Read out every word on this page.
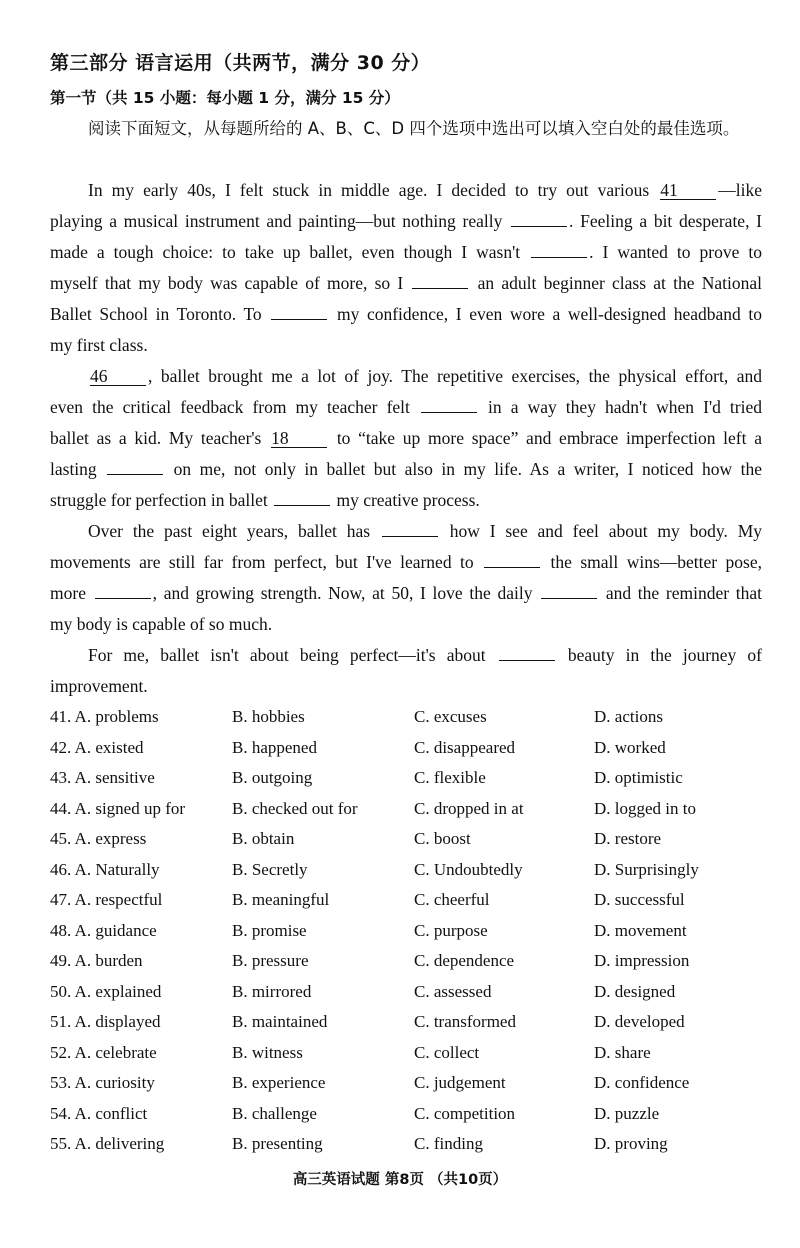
第三部分 语言运用（共两节，满分 30 分）
第一节（共 15 小题：每小题 1 分，满分 15 分）
阅读下面短文，从每题所给的 A、B、C、D 四个选项中选出可以填入空白处的最佳选项。
In my early 40s, I felt stuck in middle age. I decided to try out various 41 —like
playing a musical instrument and painting—but nothing really	. Feeling a bit desperate, I
made a tough choice: to take up ballet, even though I wasn't	. I wanted to prove to
myself that my body was capable of more, so I	an adult beginner class at the National
Ballet School in Toronto. To	my confidence, I even wore a well-designed headband to
my first class.
46 , ballet brought me a lot of joy. The repetitive exercises, the physical effort, and
even the critical feedback from my teacher felt	in a way they hadn't when I'd tried
ballet as a kid. My teacher's 18 to “take up more space” and embrace imperfection left a
lasting	on me, not only in ballet but also in my life. As a writer, I noticed how the
struggle for perfection in ballet	my creative process.
Over the past eight years, ballet has	how I see and feel about my body. My
movements are still far from perfect, but I've learned to	the small wins—better pose,
more	, and growing strength. Now, at 50, I love the daily	and the reminder that
my body is capable of so much.
For me, ballet isn't about being perfect—it's about	beauty in the journey of
improvement.
41. A. problems	B. hobbies	C. excuses	D. actions
42. A. existed	B. happened	C. disappeared	D. worked
43. A. sensitive	B. outgoing	C. flexible	D. optimistic
44. A. signed up for	B. checked out for	C. dropped in at	D. logged in to
45. A. express	B. obtain	C. boost	D. restore
46. A. Naturally	B. Secretly	C. Undoubtedly	D. Surprisingly
47. A. respectful	B. meaningful	C. cheerful	D. successful
48. A. guidance	B. promise	C. purpose	D. movement
49. A. burden	B. pressure	C. dependence	D. impression
50. A. explained	B. mirrored	C. assessed	D. designed
51. A. displayed	B. maintained	C. transformed	D. developed
52. A. celebrate	B. witness	C. collect	D. share
53. A. curiosity	B. experience	C. judgement	D. confidence
54. A. conflict	B. challenge	C. competition	D. puzzle
55. A. delivering	B. presenting	C. finding	D. proving
高三英语试题 第8页 （共10页）
